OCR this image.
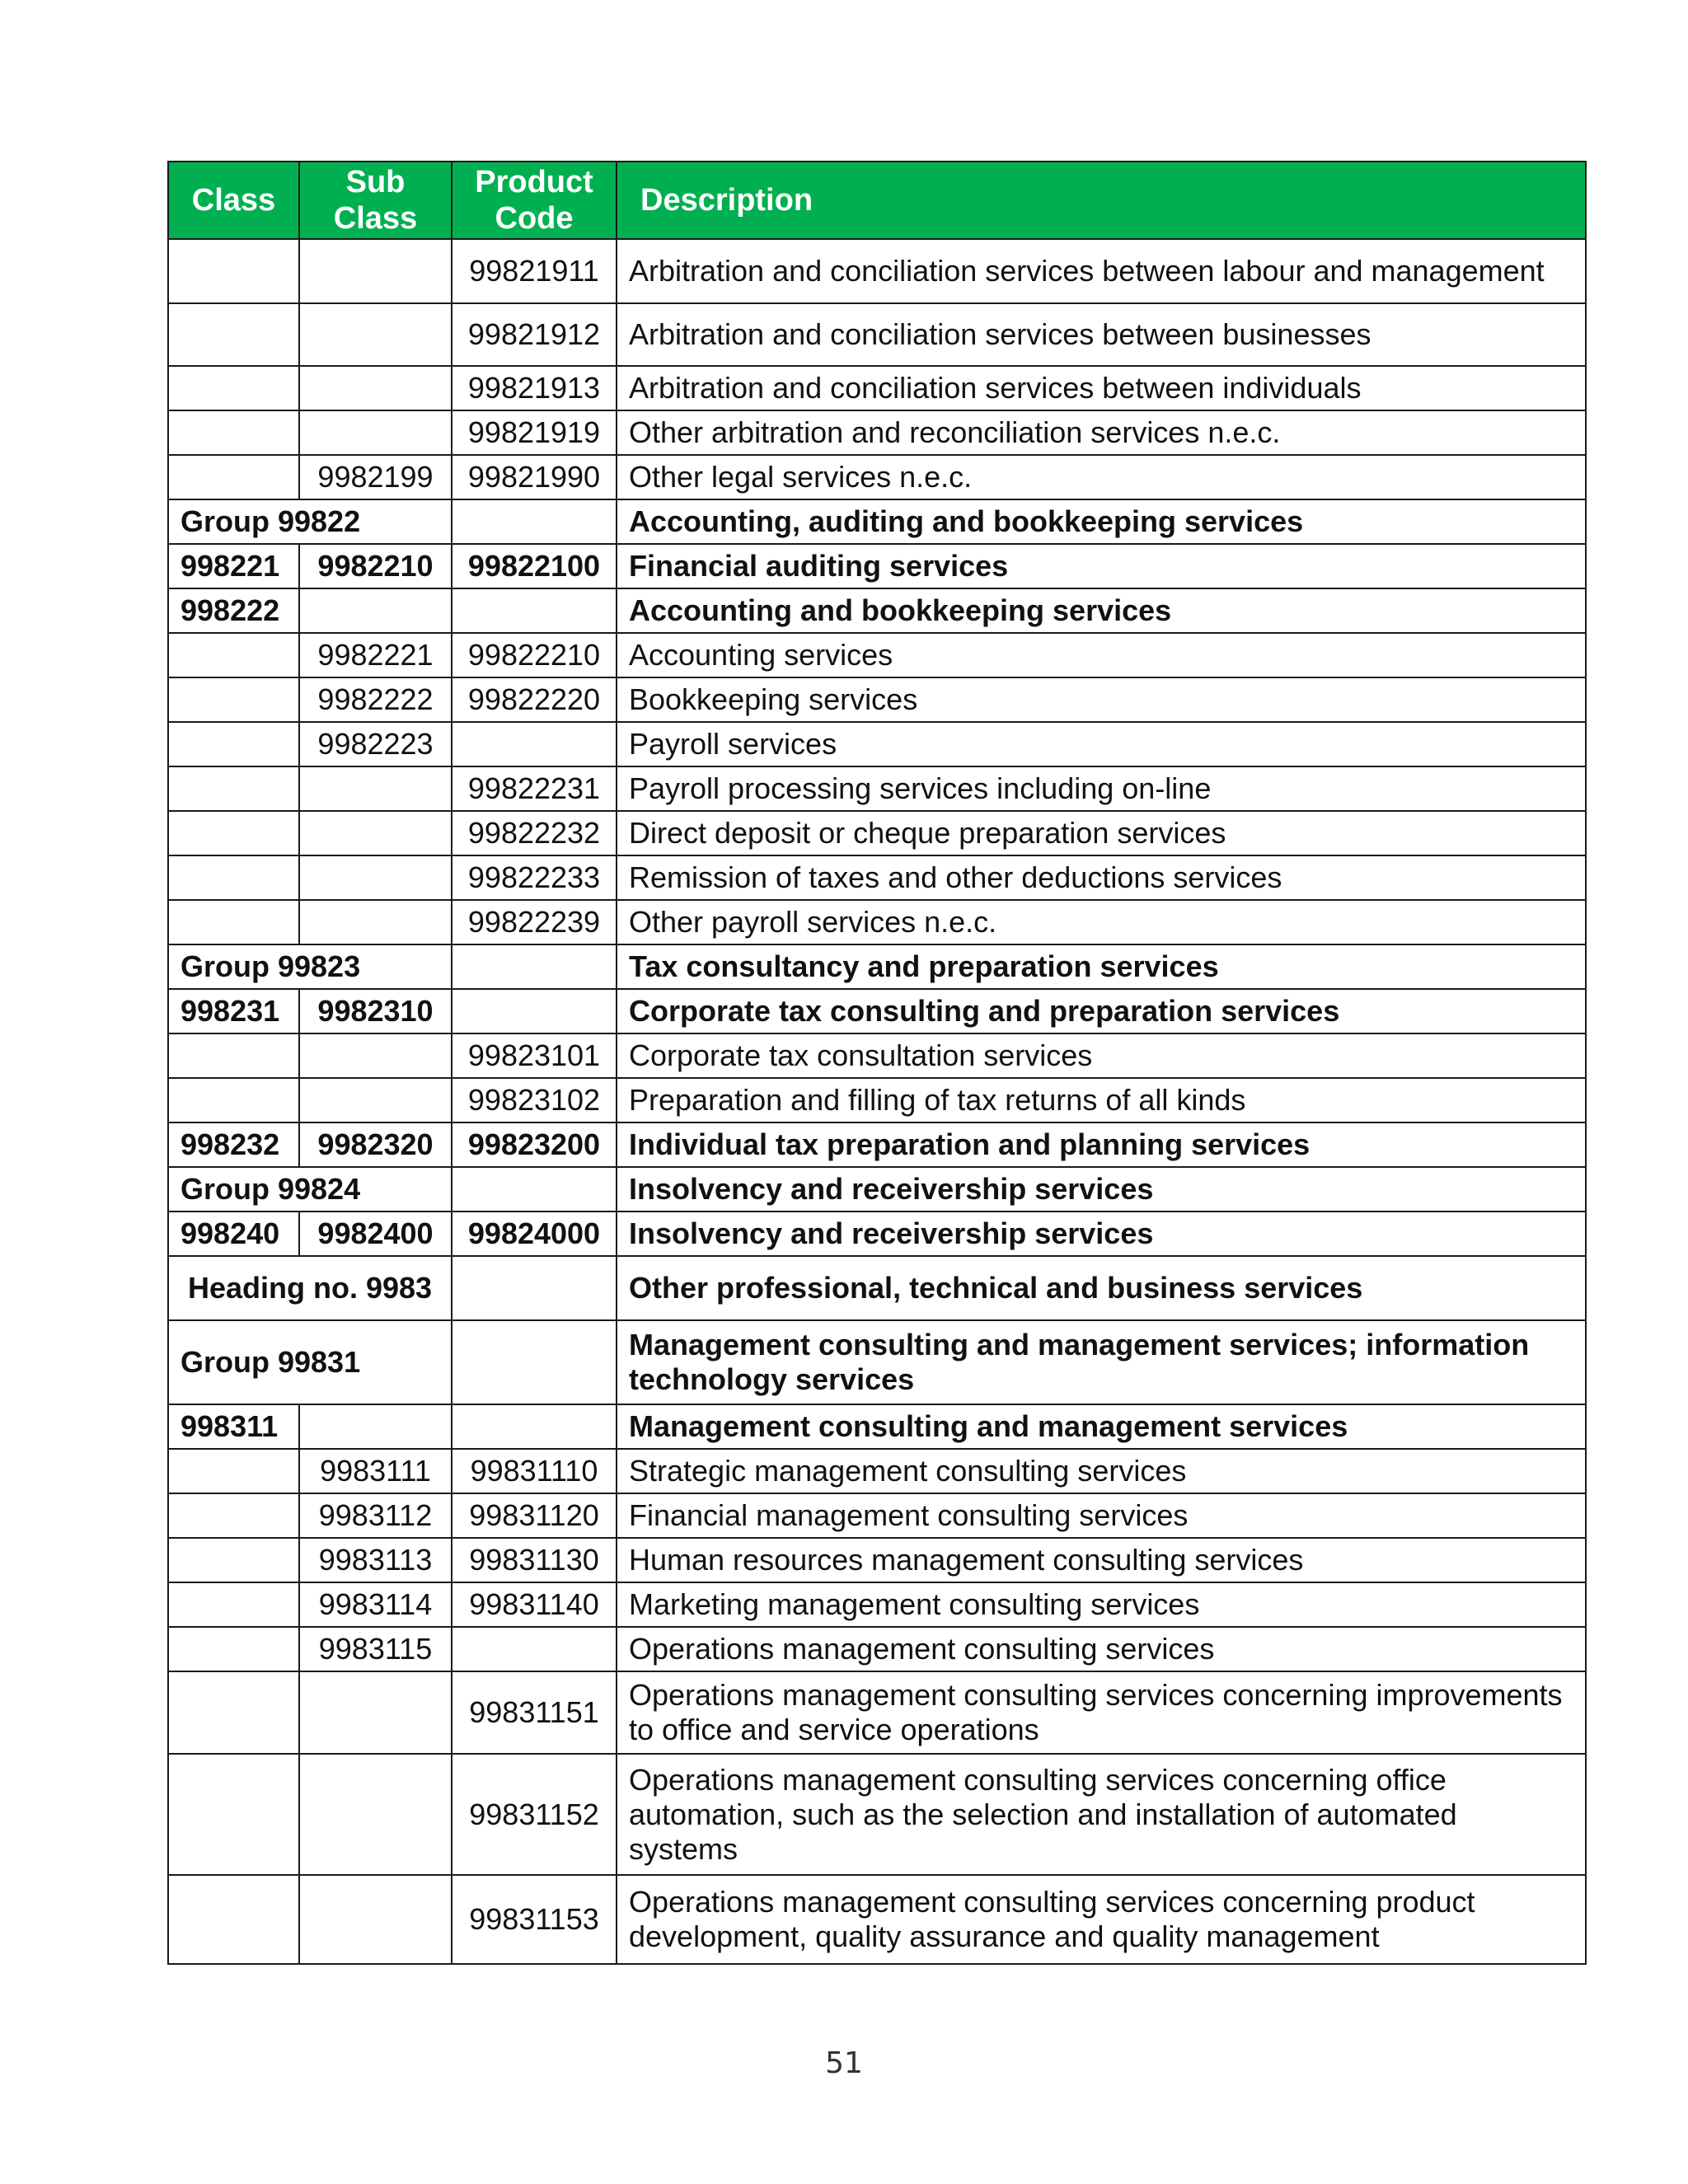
Class	Sub Class	Product Code	Description
		99821911	Arbitration and conciliation services between labour and management
		99821912	Arbitration and conciliation services between businesses
		99821913	Arbitration and conciliation services between individuals
		99821919	Other arbitration and reconciliation services n.e.c.
	9982199	99821990	Other legal services n.e.c.
Group 99822			Accounting, auditing and bookkeeping services
998221	9982210	99822100	Financial auditing services
998222			Accounting and bookkeeping services
	9982221	99822210	Accounting services
	9982222	99822220	Bookkeeping services
	9982223		Payroll services
		99822231	Payroll processing services including on-line
		99822232	Direct deposit or cheque preparation services
		99822233	Remission of taxes and other deductions services
		99822239	Other payroll services n.e.c.
Group 99823			Tax consultancy and preparation services
998231	9982310		Corporate tax consulting and preparation services
		99823101	Corporate tax consultation services
		99823102	Preparation and filling of tax returns of all kinds
998232	9982320	99823200	Individual tax preparation and planning services
Group 99824			Insolvency and receivership services
998240	9982400	99824000	Insolvency and receivership services
Heading no. 9983			Other professional, technical and business services
Group 99831			Management consulting and management services; information technology services
998311			Management consulting and management services
	9983111	99831110	Strategic management consulting services
	9983112	99831120	Financial management consulting services
	9983113	99831130	Human resources management consulting services
	9983114	99831140	Marketing management consulting services
	9983115		Operations management consulting services
		99831151	Operations management consulting services concerning improvements to office and service operations
		99831152	Operations management consulting services concerning office automation, such as the selection and installation of automated systems
		99831153	Operations management consulting services concerning product development, quality assurance and quality management
51
